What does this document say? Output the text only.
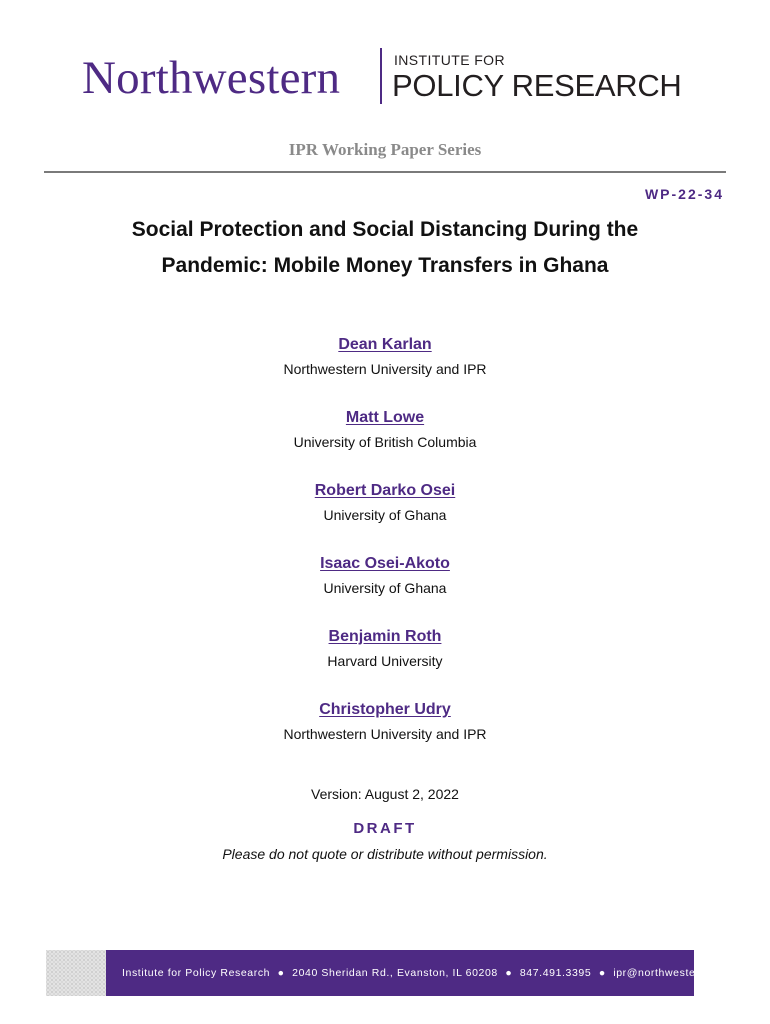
Northwestern	INSTITUTE FOR
POLICY RESEARCH
IPR Working Paper Series
WP-22-34
Social Protection and Social Distancing During the
Pandemic: Mobile Money Transfers in Ghana
Dean Karlan
Northwestern University and IPR
Matt Lowe
University of British Columbia
Robert Darko Osei
University of Ghana
Isaac Osei-Akoto
University of Ghana
Benjamin Roth
Harvard University
Christopher Udry
Northwestern University and IPR
Version: August 2, 2022
DRAFT
Please do not quote or distribute without permission.
Institute for Policy Research ● 2040 Sheridan Rd., Evanston, IL 60208 ● 847.491.3395 ● ipr@northwestern.edu
